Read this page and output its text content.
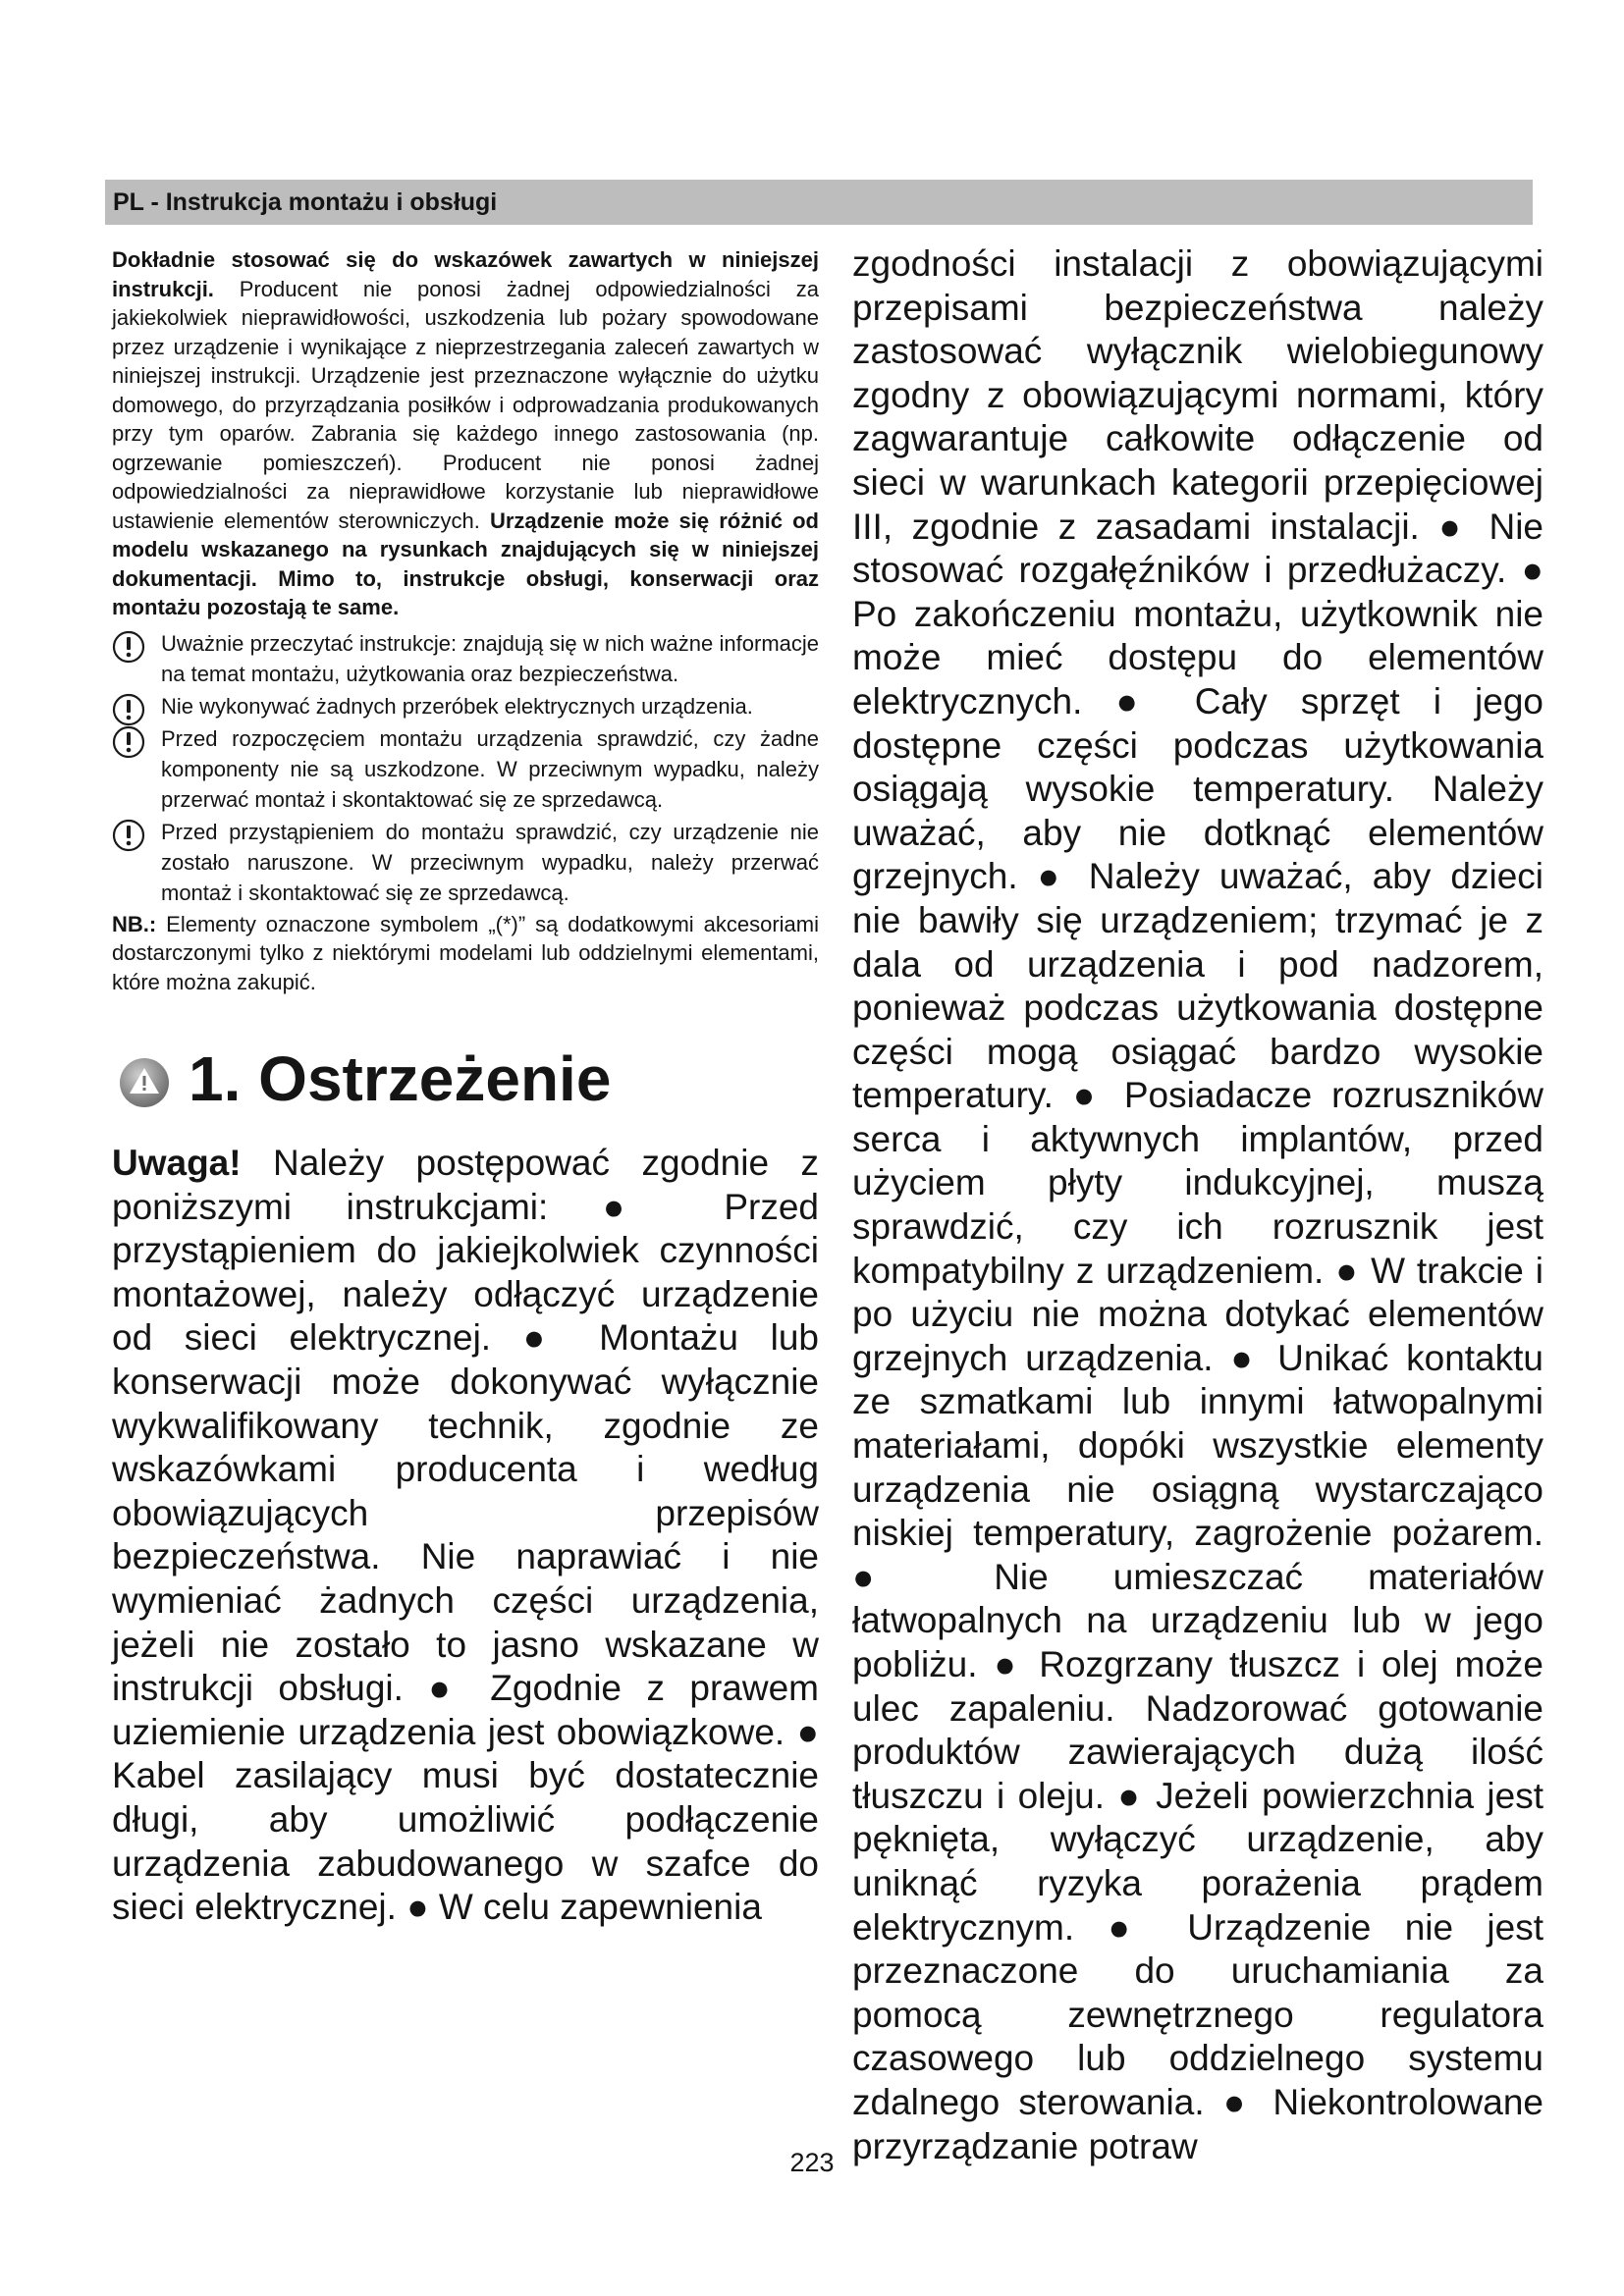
PL - Instrukcja montażu i obsługi

Dokładnie stosować się do wskazówek zawartych w niniejszej instrukcji. Producent nie ponosi żadnej odpowiedzialności za jakiekolwiek nieprawidłowości, uszkodzenia lub pożary spowodowane przez urządzenie i wynikające z nieprzestrzegania zaleceń zawartych w niniejszej instrukcji. Urządzenie jest przeznaczone wyłącznie do użytku domowego, do przyrządzania posiłków i odprowadzania produkowanych przy tym oparów. Zabrania się każdego innego zastosowania (np. ogrzewanie pomieszczeń). Producent nie ponosi żadnej odpowiedzialności za nieprawidłowe korzystanie lub nieprawidłowe ustawienie elementów sterowniczych. Urządzenie może się różnić od modelu wskazanego na rysunkach znajdujących się w niniejszej dokumentacji. Mimo to, instrukcje obsługi, konserwacji oraz montażu pozostają te same.

Uważnie przeczytać instrukcje: znajdują się w nich ważne informacje na temat montażu, użytkowania oraz bezpieczeństwa.
Nie wykonywać żadnych przeróbek elektrycznych urządzenia.
Przed rozpoczęciem montażu urządzenia sprawdzić, czy żadne komponenty nie są uszkodzone. W przeciwnym wypadku, należy przerwać montaż i skontaktować się ze sprzedawcą.
Przed przystąpieniem do montażu sprawdzić, czy urządzenie nie zostało naruszone. W przeciwnym wypadku, należy przerwać montaż i skontaktować się ze sprzedawcą.

NB.: Elementy oznaczone symbolem „(*)” są dodatkowymi akcesoriami dostarczonymi tylko z niektórymi modelami lub oddzielnymi elementami, które można zakupić.

1. Ostrzeżenie

Uwaga! Należy postępować zgodnie z poniższymi instrukcjami: ● Przed przystąpieniem do jakiejkolwiek czynności montażowej, należy odłączyć urządzenie od sieci elektrycznej. ● Montażu lub konserwacji może dokonywać wyłącznie wykwalifikowany technik, zgodnie ze wskazówkami producenta i według obowiązujących przepisów bezpieczeństwa. Nie naprawiać i nie wymieniać żadnych części urządzenia, jeżeli nie zostało to jasno wskazane w instrukcji obsługi. ● Zgodnie z prawem uziemienie urządzenia jest obowiązkowe. ● Kabel zasilający musi być dostatecznie długi, aby umożliwić podłączenie urządzenia zabudowanego w szafce do sieci elektrycznej. ● W celu zapewnienia

zgodności instalacji z obowiązującymi przepisami bezpieczeństwa należy zastosować wyłącznik wielobiegunowy zgodny z obowiązującymi normami, który zagwarantuje całkowite odłączenie od sieci w warunkach kategorii przepięciowej III, zgodnie z zasadami instalacji. ● Nie stosować rozgałęźników i przedłużaczy. ● Po zakończeniu montażu, użytkownik nie może mieć dostępu do elementów elektrycznych. ● Cały sprzęt i jego dostępne części podczas użytkowania osiągają wysokie temperatury. Należy uważać, aby nie dotknąć elementów grzejnych. ● Należy uważać, aby dzieci nie bawiły się urządzeniem; trzymać je z dala od urządzenia i pod nadzorem, ponieważ podczas użytkowania dostępne części mogą osiągać bardzo wysokie temperatury. ● Posiadacze rozruszników serca i aktywnych implantów, przed użyciem płyty indukcyjnej, muszą sprawdzić, czy ich rozrusznik jest kompatybilny z urządzeniem. ● W trakcie i po użyciu nie można dotykać elementów grzejnych urządzenia. ● Unikać kontaktu ze szmatkami lub innymi łatwopalnymi materiałami, dopóki wszystkie elementy urządzenia nie osiągną wystarczająco niskiej temperatury, zagrożenie pożarem. ● Nie umieszczać materiałów łatwopalnych na urządzeniu lub w jego pobliżu. ● Rozgrzany tłuszcz i olej może ulec zapaleniu. Nadzorować gotowanie produktów zawierających dużą ilość tłuszczu i oleju. ● Jeżeli powierzchnia jest pęknięta, wyłączyć urządzenie, aby uniknąć ryzyka porażenia prądem elektrycznym. ● Urządzenie nie jest przeznaczone do uruchamiania za pomocą zewnętrznego regulatora czasowego lub oddzielnego systemu zdalnego sterowania. ● Niekontrolowane przyrządzanie potraw

223
